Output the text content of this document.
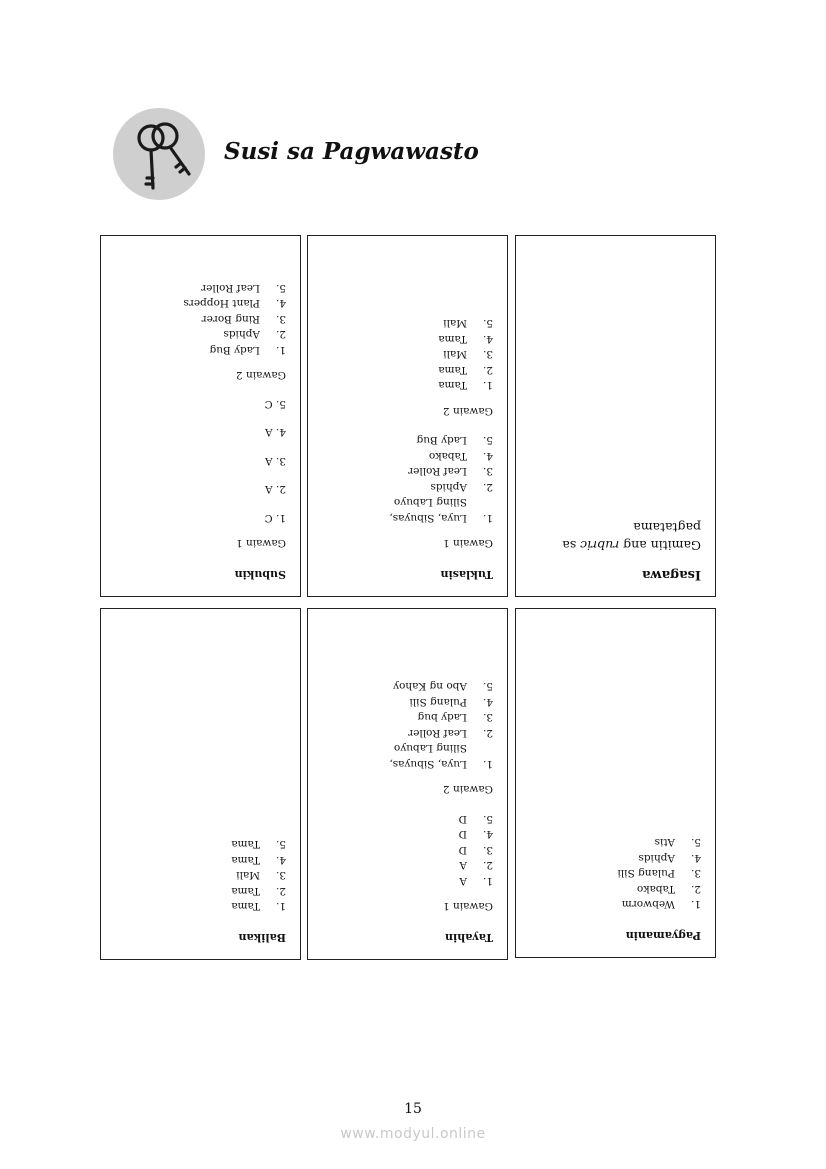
Susi sa Pagwawasto
Subukin
Gawain 1
1. C
2. A
3. A
4. A
5. C
Gawain 2
1.
Lady Bug
2.
Aphids
3.
Ring Borer
4.
Plant Hoppers
5.
Leaf Roller
Tuklasin
Gawain 1
1.
Luya, Sibuyas,
Siling Labuyo
2.
Aphids
3.
Leaf Roller
4.
Tabako
5.
Lady Bug
Gawain 2
1.
Tama
2.
Tama
3.
Mali
4.
Tama
5.
Mali
Isagawa
Gamitin ang rubric sa pagtatama
Balikan
1.
Tama
2.
Tama
3.
Mali
4.
Tama
5.
Tama
Tayahin
Gawain 1
1.
A
2.
A
3.
D
4.
D
5.
D
Gawain 2
1.
Luya, Sibuyas,
Siling Labuyo
2.
Leaf Roller
3.
Lady bug
4.
Pulang Sili
5.
Abo ng Kahoy
Pagyamanin
1.
Webworm
2.
Tabako
3.
Pulang Sili
4.
Aphids
5.
Atis
15
www.modyul.online
